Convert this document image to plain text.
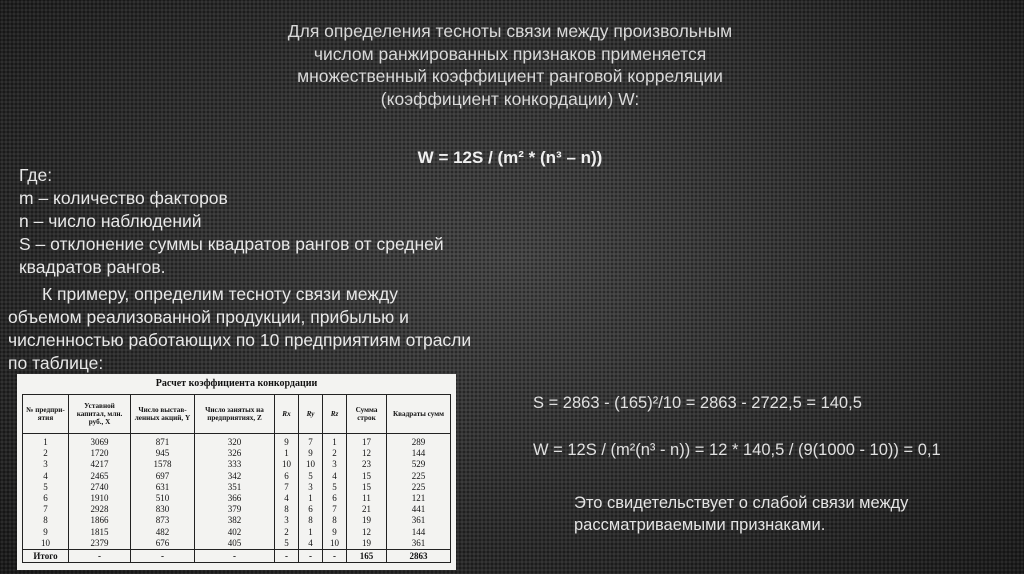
Для определения тесноты связи между произвольным
числом ранжированных признаков применяется
множественный коэффициент ранговой корреляции
(коэффициент конкордации) W:
W = 12S / (m² * (n³ – n))
Где:
m – количество факторов
n – число наблюдений
S – отклонение суммы квадратов рангов от средней
квадратов рангов.
К примеру, определим тесноту связи между
объемом реализованной продукции, прибылью и
численностью работающих по 10 предприятиям отрасли
по таблице:
Расчет коэффициента конкордации
№ предпри-ятия	Уставной капитал, млн. руб., X	Число выстав-ленных акций, Y	Число занятых на предприятиях, Z	Rx	Ry	Rz	Сумма строк	Квадраты сумм
1	3069	871	320	9	7	1	17	289
2	1720	945	326	1	9	2	12	144
3	4217	1578	333	10	10	3	23	529
4	2465	697	342	6	5	4	15	225
5	2740	631	351	7	3	5	15	225
6	1910	510	366	4	1	6	11	121
7	2928	830	379	8	6	7	21	441
8	1866	873	382	3	8	8	19	361
9	1815	482	402	2	1	9	12	144
10	2379	676	405	5	4	10	19	361
Итого	-	-	-	-	-	-	165	2863
S = 2863 - (165)²/10 = 2863 - 2722,5 = 140,5
W = 12S / (m²(n³ - n)) = 12 * 140,5 / (9(1000 - 10)) = 0,1
Это свидетельствует о слабой связи между рассматриваемыми признаками.
